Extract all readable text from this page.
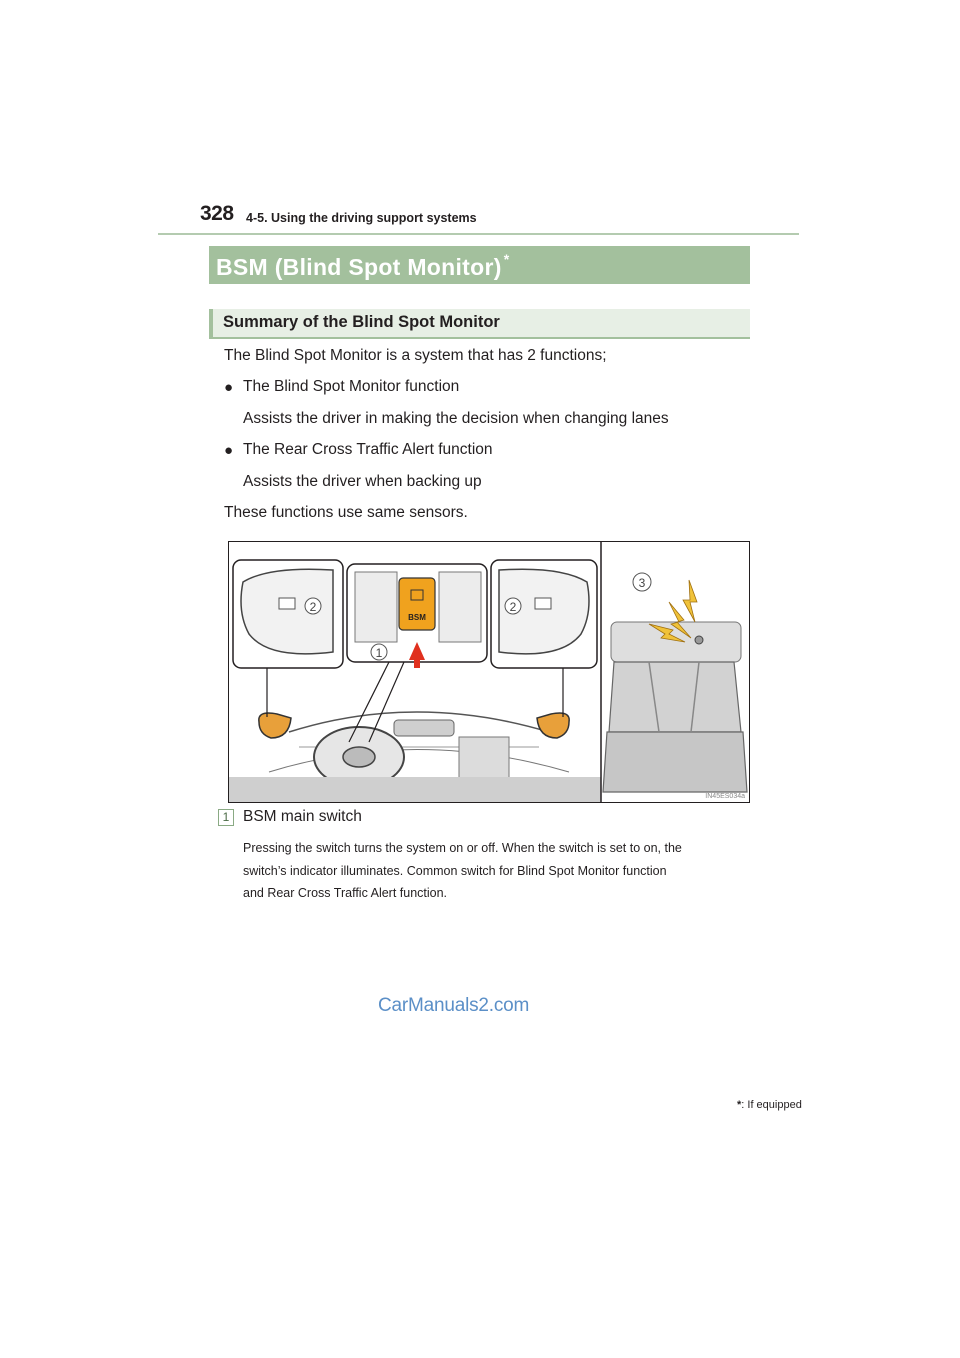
328 4-5. Using the driving support systems
BSM (Blind Spot Monitor) *
Summary of the Blind Spot Monitor
The Blind Spot Monitor is a system that has 2 functions;
● The Blind Spot Monitor function
Assists the driver in making the decision when changing lanes
● The Rear Cross Traffic Alert function
Assists the driver when backing up
These functions use same sensors.
2
BSM
1
2
3
IN45ES034a
1 BSM main switch
Pressing the switch turns the system on or off. When the switch is set to on, the
switch’s indicator illuminates. Common switch for Blind Spot Monitor function
and Rear Cross Traffic Alert function.
CarManuals2.com
*: If equipped
